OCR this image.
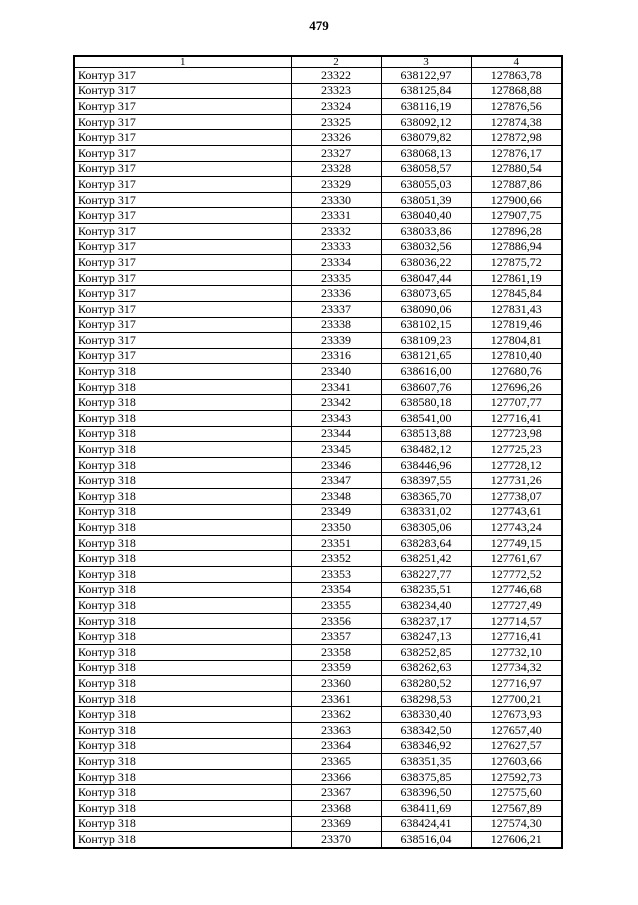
479
1	2	3	4
Контур 317	23322	638122,97	127863,78
Контур 317	23323	638125,84	127868,88
Контур 317	23324	638116,19	127876,56
Контур 317	23325	638092,12	127874,38
Контур 317	23326	638079,82	127872,98
Контур 317	23327	638068,13	127876,17
Контур 317	23328	638058,57	127880,54
Контур 317	23329	638055,03	127887,86
Контур 317	23330	638051,39	127900,66
Контур 317	23331	638040,40	127907,75
Контур 317	23332	638033,86	127896,28
Контур 317	23333	638032,56	127886,94
Контур 317	23334	638036,22	127875,72
Контур 317	23335	638047,44	127861,19
Контур 317	23336	638073,65	127845,84
Контур 317	23337	638090,06	127831,43
Контур 317	23338	638102,15	127819,46
Контур 317	23339	638109,23	127804,81
Контур 317	23316	638121,65	127810,40
Контур 318	23340	638616,00	127680,76
Контур 318	23341	638607,76	127696,26
Контур 318	23342	638580,18	127707,77
Контур 318	23343	638541,00	127716,41
Контур 318	23344	638513,88	127723,98
Контур 318	23345	638482,12	127725,23
Контур 318	23346	638446,96	127728,12
Контур 318	23347	638397,55	127731,26
Контур 318	23348	638365,70	127738,07
Контур 318	23349	638331,02	127743,61
Контур 318	23350	638305,06	127743,24
Контур 318	23351	638283,64	127749,15
Контур 318	23352	638251,42	127761,67
Контур 318	23353	638227,77	127772,52
Контур 318	23354	638235,51	127746,68
Контур 318	23355	638234,40	127727,49
Контур 318	23356	638237,17	127714,57
Контур 318	23357	638247,13	127716,41
Контур 318	23358	638252,85	127732,10
Контур 318	23359	638262,63	127734,32
Контур 318	23360	638280,52	127716,97
Контур 318	23361	638298,53	127700,21
Контур 318	23362	638330,40	127673,93
Контур 318	23363	638342,50	127657,40
Контур 318	23364	638346,92	127627,57
Контур 318	23365	638351,35	127603,66
Контур 318	23366	638375,85	127592,73
Контур 318	23367	638396,50	127575,60
Контур 318	23368	638411,69	127567,89
Контур 318	23369	638424,41	127574,30
Контур 318	23370	638516,04	127606,21
